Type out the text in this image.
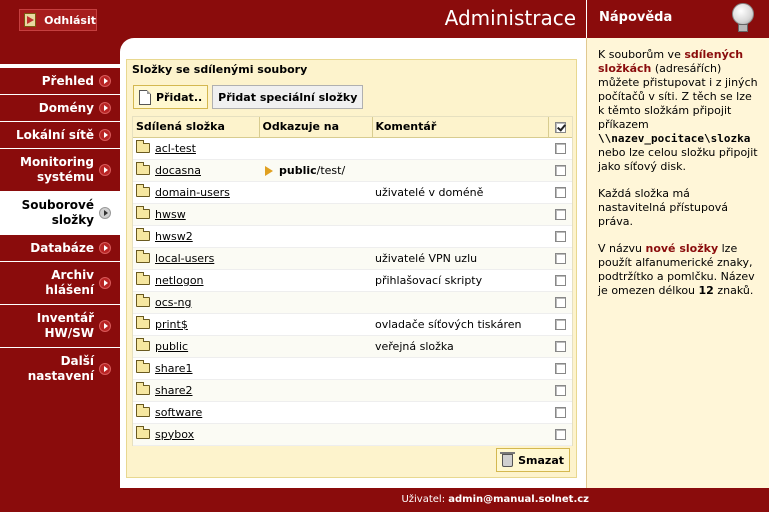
Odhlásit	Administrace Nápověda
Přehled
Domény
Lokální sítě
Monitoring
systému
Souborové
složky
Databáze
Archiv
hlášení
Inventář
HW/SW
Další
nastavení
Složky se sdílenými soubory
Přidat.. Přidat speciální složky
Sdílená složka	Odkazuje na	Komentář	
acl-test			
docasna	public/test/		
domain-users		uživatelé v doméně	
hwsw			
hwsw2			
local-users		uživatelé VPN uzlu	
netlogon		přihlašovací skripty	
ocs-ng			
print$		ovladače síťových tiskáren	
public		veřejná složka	
share1			
share2			
software			
spybox			
Smazat

K souborům ve sdílených složkách (adresářích) můžete přistupovat i z jiných počítačů v síti. Z těch se lze k těmto složkám připojit příkazem \\nazev_pocitace\slozka nebo lze celou složku připojit jako síťový disk.

Každá složka má nastavitelná přístupová práva.

V názvu nové složky lze použít alfanumerické znaky, podtržítko a pomlčku. Název je omezen délkou 12 znaků.

Uživatel: admin@manual.solnet.cz
